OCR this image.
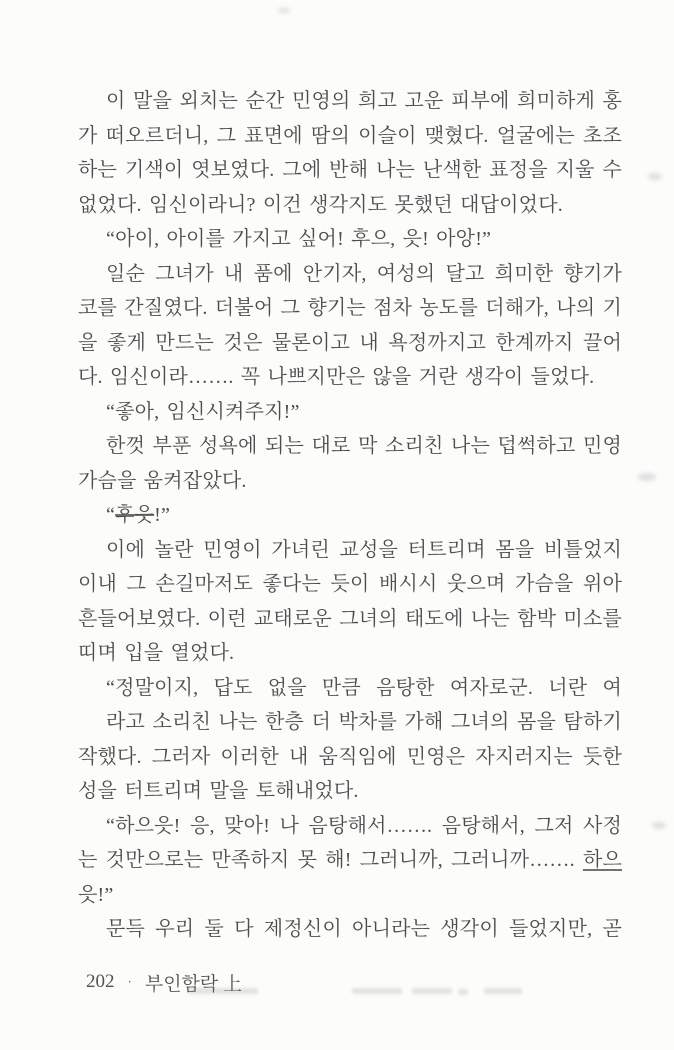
이 말을 외치는 순간 민영의 희고 고운 피부에 희미하게 홍
가 떠오르더니, 그 표면에 땀의 이슬이 맺혔다. 얼굴에는 초조
하는 기색이 엿보였다. 그에 반해 나는 난색한 표정을 지울 수
없었다. 임신이라니? 이건 생각지도 못했던 대답이었다.
“아이, 아이를 가지고 싶어! 후으, 읏! 아앙!”
일순 그녀가 내 품에 안기자, 여성의 달고 희미한 향기가
코를 간질였다. 더불어 그 향기는 점차 농도를 더해가, 나의 기
을 좋게 만드는 것은 물론이고 내 욕정까지고 한계까지 끌어
다. 임신이라……. 꼭 나쁘지만은 않을 거란 생각이 들었다.
“좋아, 임신시켜주지!”
한껏 부푼 성욕에 되는 대로 막 소리친 나는 덥썩하고 민영
가슴을 움켜잡았다.
“후읏!”
이에 놀란 민영이 가녀린 교성을 터트리며 몸을 비틀었지
이내 그 손길마저도 좋다는 듯이 배시시 웃으며 가슴을 위아
흔들어보였다. 이런 교태로운 그녀의 태도에 나는 함박 미소를
띠며 입을 열었다.
“정말이지, 답도 없을 만큼 음탕한 여자로군. 너란 여
라고 소리친 나는 한층 더 박차를 가해 그녀의 몸을 탐하기
작했다. 그러자 이러한 내 움직임에 민영은 자지러지는 듯한
성을 터트리며 말을 토해내었다.
“하으읏! 응, 맞아! 나 음탕해서……. 음탕해서, 그저 사정
는 것만으로는 만족하지 못 해! 그러니까, 그러니까……. 하으
읏!”
문득 우리 둘 다 제정신이 아니라는 생각이 들었지만, 곧
202 · 부인함락 上
